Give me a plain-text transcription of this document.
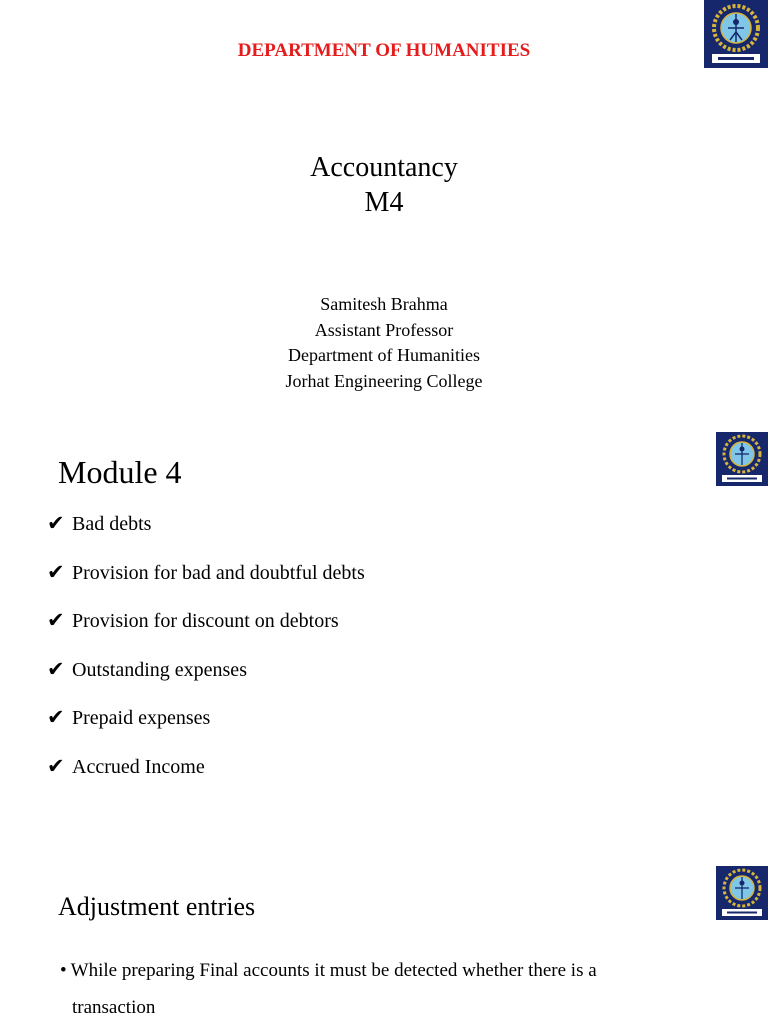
DEPARTMENT OF HUMANITIES
Accountancy
M4
Samitesh Brahma
Assistant Professor
Department of Humanities
Jorhat Engineering College
Module 4
✔ Bad debts
✔ Provision for bad and doubtful debts
✔ Provision for discount on debtors
✔ Outstanding expenses
✔ Prepaid expenses
✔ Accrued Income
Adjustment entries
• While preparing Final accounts it must be detected whether there is a
transaction
